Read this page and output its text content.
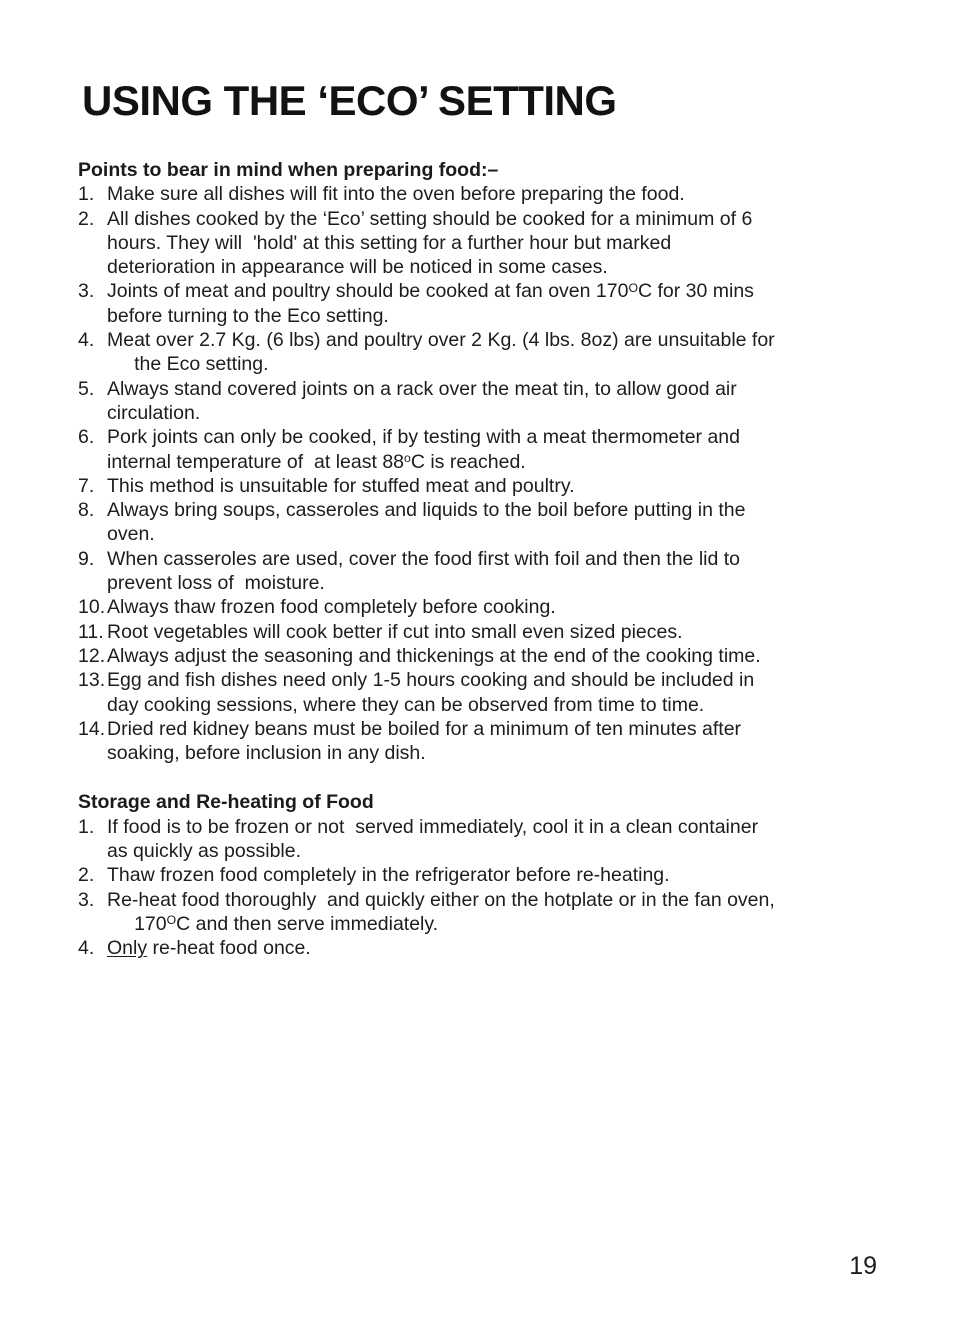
USING THE ‘ECO’ SETTING
Points to bear in mind when preparing food:–
1. Make sure all dishes will fit into the oven before preparing the food.
2. All dishes cooked by the ‘Eco’ setting should be cooked for a minimum of 6
hours. They will  'hold' at this setting for a further hour but marked
deterioration in appearance will be noticed in some cases.
3. Joints of meat and poultry should be cooked at fan oven $170^OC$ for 30 mins
before turning to the Eco setting.
4. Meat over 2.7 Kg. (6 lbs) and poultry over 2 Kg. (4 lbs. 8oz) are unsuitable for
the Eco setting.
5. Always stand covered joints on a rack over the meat tin, to allow good air
circulation.
6. Pork joints can only be cooked, if by testing with a meat thermometer and
internal temperature of  at least 88$^o$C is reached.
7. This method is unsuitable for stuffed meat and poultry.
8. Always bring soups, casseroles and liquids to the boil before putting in the
oven.
9. When casseroles are used, cover the food first with foil and then the lid to
prevent loss of  moisture.
10.Always thaw frozen food completely before cooking.
11. Root vegetables will cook better if cut into small even sized pieces.
12.Always adjust the seasoning and thickenings at the end of the cooking time.
13.Egg and fish dishes need only 1-5 hours cooking and should be included in
day cooking sessions, where they can be observed from time to time.
14.Dried red kidney beans must be boiled for a minimum of ten minutes after
soaking, before inclusion in any dish.
Storage and Re-heating of Food
1. If food is to be frozen or not  served immediately, cool it in a clean container
as quickly as possible.
2. Thaw frozen food completely in the refrigerator before re-heating.
3. Re-heat food thoroughly  and quickly either on the hotplate or in the fan oven,
$170^OC$ and then serve immediately.
4. Only re-heat food once.
19
